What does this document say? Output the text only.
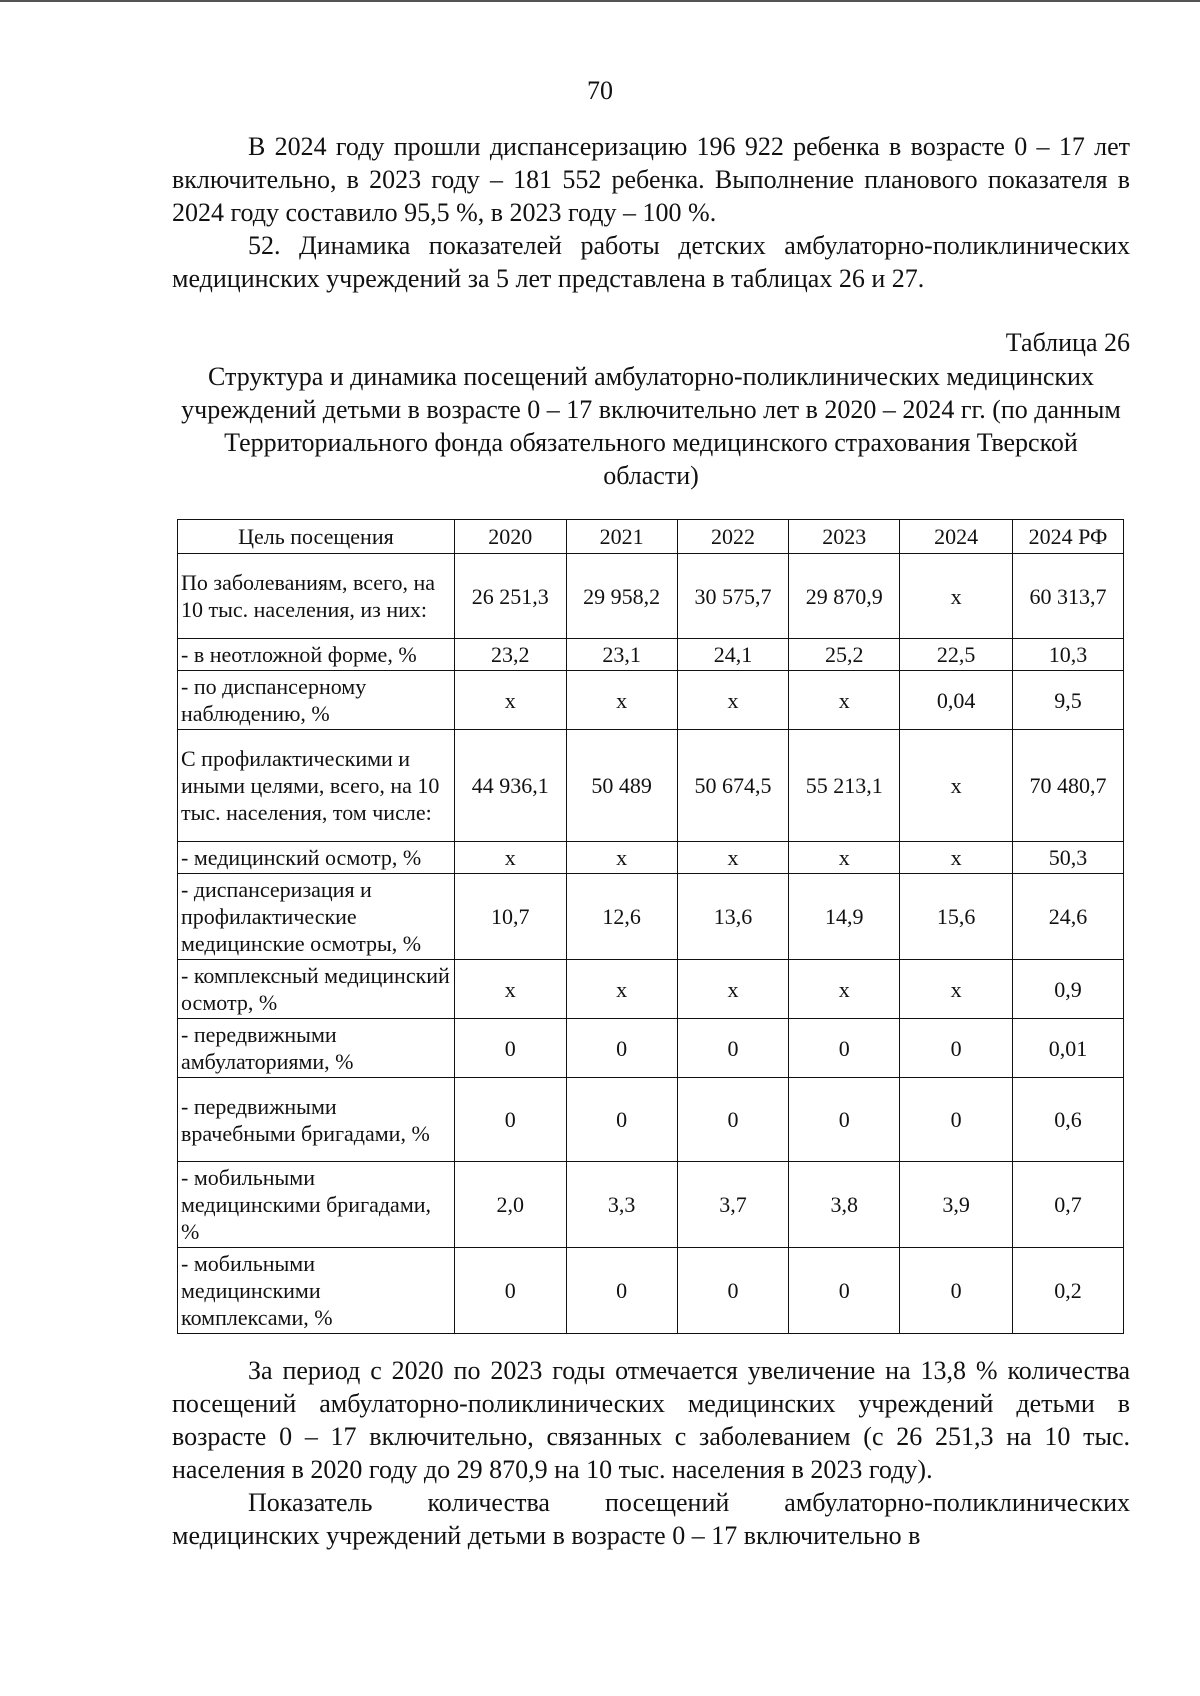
70

В 2024 году прошли диспансеризацию 196 922 ребенка в возрасте 0 – 17 лет включительно, в 2023 году – 181 552 ребенка. Выполнение планового показателя в 2024 году составило 95,5 %, в 2023 году – 100 %.

52. Динамика показателей работы детских амбулаторно-поликлинических медицинских учреждений за 5 лет представлена в таблицах 26 и 27.

Таблица 26
Структура и динамика посещений амбулаторно-поликлинических медицинских учреждений детьми в возрасте 0 – 17 включительно лет в 2020 – 2024 гг. (по данным Территориального фонда обязательного медицинского страхования Тверской области)
Цель посещения	2020	2021	2022	2023	2024	2024 РФ
По заболеваниям, всего, на 10 тыс. населения, из них:	26 251,3	29 958,2	30 575,7	29 870,9	х	60 313,7
- в неотложной форме, %	23,2	23,1	24,1	25,2	22,5	10,3
- по диспансерному наблюдению, %	х	х	х	х	0,04	9,5
С профилактическими и иными целями, всего, на 10 тыс. населения, том числе:	44 936,1	50 489	50 674,5	55 213,1	х	70 480,7
- медицинский осмотр, %	х	х	х	х	х	50,3
- диспансеризация и профилактические медицинские осмотры, %	10,7	12,6	13,6	14,9	15,6	24,6
- комплексный медицинский осмотр, %	х	х	х	х	х	0,9
- передвижными амбулаториями, %	0	0	0	0	0	0,01
- передвижными врачебными бригадами, %	0	0	0	0	0	0,6
- мобильными медицинскими бригадами, %	2,0	3,3	3,7	3,8	3,9	0,7
- мобильными медицинскими комплексами, %	0	0	0	0	0	0,2

За период с 2020 по 2023 годы отмечается увеличение на 13,8 % количества посещений амбулаторно-поликлинических медицинских учреждений детьми в возрасте 0 – 17 включительно, связанных с заболеванием (с 26 251,3 на 10 тыс. населения в 2020 году до 29 870,9 на 10 тыс. населения в 2023 году).

Показатель количества посещений амбулаторно-поликлинических медицинских учреждений детьми в возрасте 0 – 17 включительно в
